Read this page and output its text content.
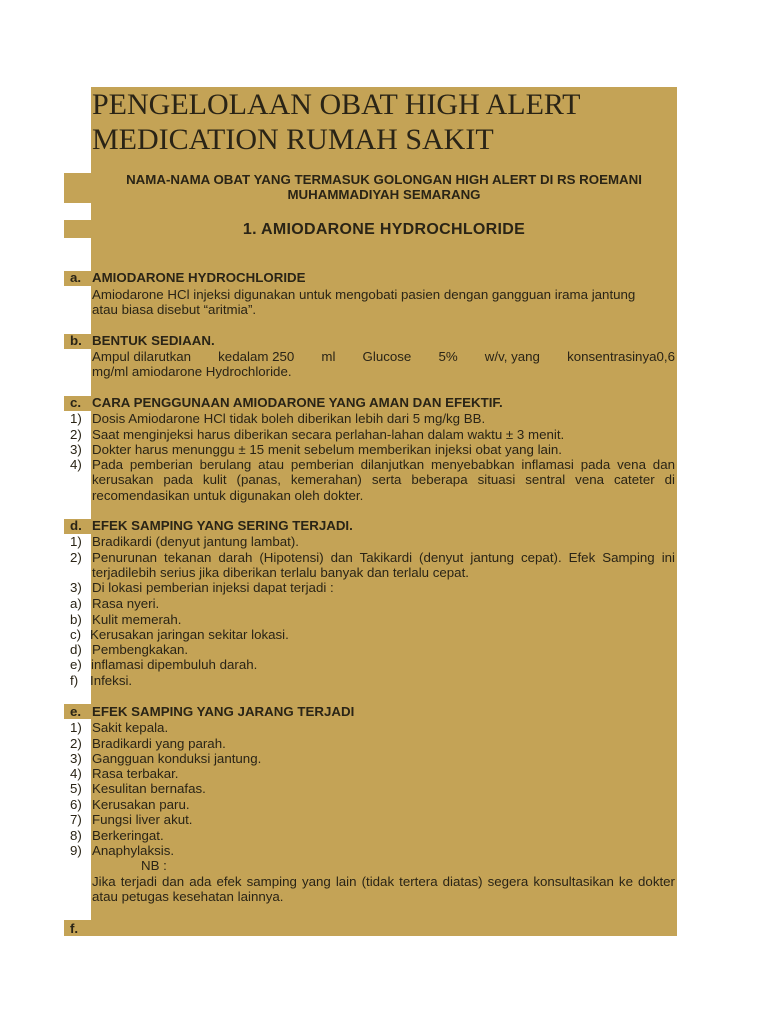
PENGELOLAAN OBAT HIGH ALERT
MEDICATION RUMAH SAKIT
NAMA-NAMA OBAT YANG TERMASUK GOLONGAN HIGH ALERT DI RS ROEMANI
MUHAMMADIYAH SEMARANG
1. AMIODARONE HYDROCHLORIDE
a. AMIODARONE HYDROCHLORIDE
Amiodarone HCl injeksi digunakan untuk mengobati pasien dengan gangguan irama jantung
atau biasa disebut “aritmia”.
b. BENTUK SEDIAAN.
Ampul dilarutkan kedalam 250 ml Glucose 5% w/v, yang konsentrasinya0,6
mg/ml amiodarone Hydrochloride.
c. CARA PENGGUNAAN AMIODARONE YANG AMAN DAN EFEKTIF.
1) Dosis Amiodarone HCl tidak boleh diberikan lebih dari 5 mg/kg BB.
2) Saat menginjeksi harus diberikan secara perlahan-lahan dalam waktu ± 3 menit.
3) Dokter harus menunggu ± 15 menit sebelum memberikan injeksi obat yang lain.
4) Pada pemberian berulang atau pemberian dilanjutkan menyebabkan inflamasi pada vena dan kerusakan pada kulit (panas, kemerahan) serta beberapa situasi sentral vena cateter di recomendasikan untuk digunakan oleh dokter.
d. EFEK SAMPING YANG SERING TERJADI.
1) Bradikardi (denyut jantung lambat).
2) Penurunan tekanan darah (Hipotensi) dan Takikardi (denyut jantung cepat). Efek Samping ini terjadilebih serius jika diberikan terlalu banyak dan terlalu cepat.
3) Di lokasi pemberian injeksi dapat terjadi :
a) Rasa nyeri.
b) Kulit memerah.
c) Kerusakan jaringan sekitar lokasi.
d) Pembengkakan.
e) inflamasi dipembuluh darah.
f) Infeksi.
e. EFEK SAMPING YANG JARANG TERJADI
1) Sakit kepala.
2) Bradikardi yang parah.
3) Gangguan konduksi jantung.
4) Rasa terbakar.
5) Kesulitan bernafas.
6) Kerusakan paru.
7) Fungsi liver akut.
8) Berkeringat.
9) Anaphylaksis.
NB :
Jika terjadi dan ada efek samping yang lain (tidak tertera diatas) segera konsultasikan ke dokter atau petugas kesehatan lainnya.
f.
